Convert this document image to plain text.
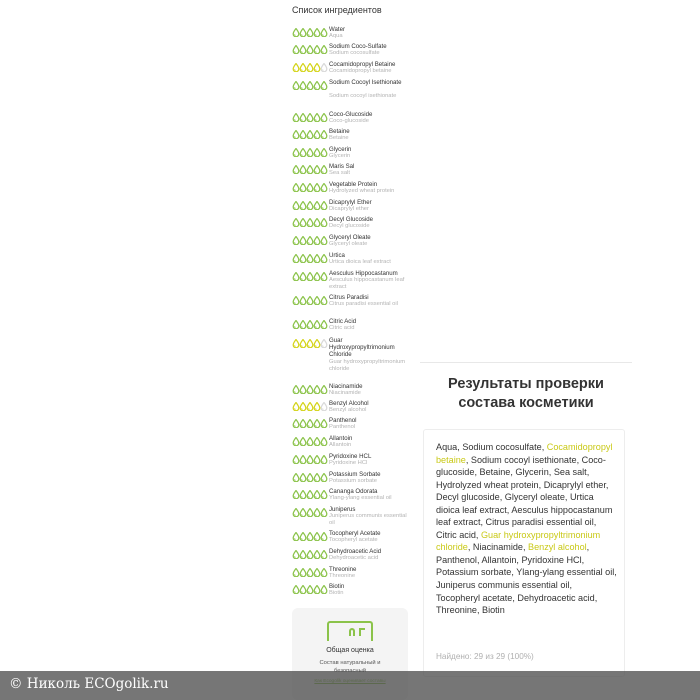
Список ингредиентов
Water
Aqua
Sodium Coco-Sulfate
Sodium cocosulfate
Cocamidopropyl Betaine
Cocamidopropyl betaine
Sodium Cocoyl Isethionate
Sodium cocoyl isethionate
Coco-Glucoside
Coco-glucoside
Betaine
Betaine
Glycerin
Glycerin
Maris Sal
Sea salt
Vegetable Protein
Hydrolyzed wheat protein
Dicaprylyl Ether
Dicaprylyl ether
Decyl Glucoside
Decyl glucoside
Glyceryl Oleate
Glyceryl oleate
Urtica
Urtica dioica leaf extract
Aesculus Hippocastanum
Aesculus hippocastanum leaf extract
Citrus Paradisi
Citrus paradisi essential oil
Citric Acid
Citric acid
Guar Hydroxypropyltrimonium Chloride
Guar hydroxypropyltrimonium chloride
Niacinamide
Niacinamide
Benzyl Alcohol
Benzyl alcohol
Panthenol
Panthenol
Allantoin
Allantoin
Pyridoxine HCL
Pyridoxine HCl
Potassium Sorbate
Potassium sorbate
Cananga Odorata
Ylang-ylang essential oil
Juniperus
Juniperus communis essential oil
Tocopheryl Acetate
Tocopheryl acetate
Dehydroacetic Acid
Dehydroacetic acid
Threonine
Threonine
Biotin
Biotin
Общая оценка
Состав натуральный и
Результаты проверки состава косметики
Aqua, Sodium cocosulfate, Cocamidopropyl betaine, Sodium cocoyl isethionate, Coco-glucoside, Betaine, Glycerin, Sea salt, Hydrolyzed wheat protein, Dicaprylyl ether, Decyl glucoside, Glyceryl oleate, Urtica dioica leaf extract, Aesculus hippocastanum leaf extract, Citrus paradisi essential oil, Citric acid, Guar hydroxypropyltrimonium chloride, Niacinamide, Benzyl alcohol, Panthenol, Allantoin, Pyridoxine HCl, Potassium sorbate, Ylang-ylang essential oil, Juniperus communis essential oil, Tocopheryl acetate, Dehydroacetic acid, Threonine, Biotin
Найдено: 29 из 29 (100%)
© Николь ECOgolik.ru
